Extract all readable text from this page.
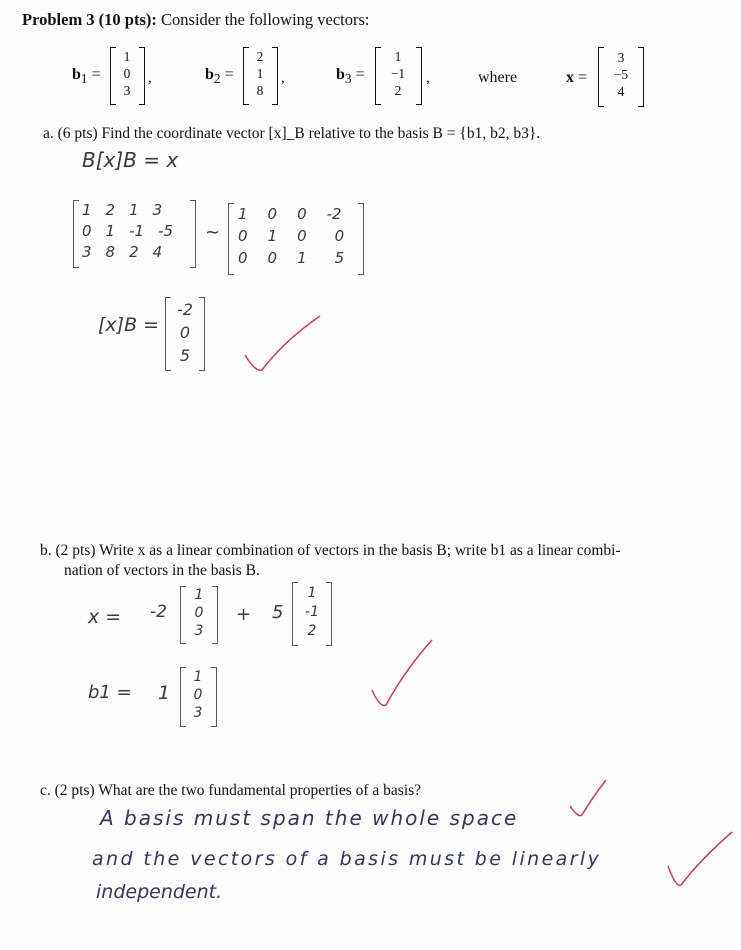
Problem 3 (10 pts): Consider the following vectors:
$b_1$ =
1
0
3
,	$b_2$ =
2
1
8
,	$b_3$ =
1
−1
2
,	where	x =
3
−5
4
a. (6 pts) Find the coordinate vector [x]_B relative to the basis B = {b1, b2, b3}.
B[x]B = x
1 2 1 3
0 1 -1 -5
3 8 2 4
~
1 0 0 -2
0 1 0 0
0 0 1 5
[x]B =
-2
0
5
b. (2 pts) Write x as a linear combination of vectors in the basis B; write b1 as a linear combi-
nation of vectors in the basis B.
x = -2
1
0
3
+ 5
1
-1
2
b1 = 1
1
0
3
c. (2 pts) What are the two fundamental properties of a basis?
A basis must span the whole space
and the vectors of a basis must be linearly
independent.
